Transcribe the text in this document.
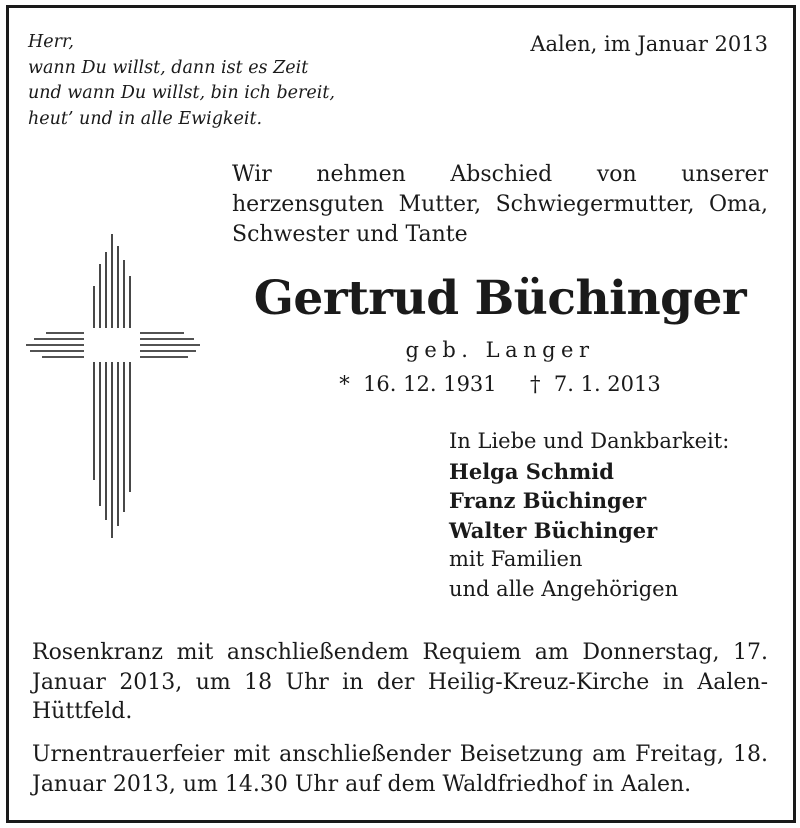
Herr,
wann Du willst, dann ist es Zeit
und wann Du willst, bin ich bereit,
heut’ und in alle Ewigkeit.
Aalen, im Januar 2013
Wir nehmen Abschied von unserer herzensguten Mutter, Schwiegermutter, Oma, Schwester und Tante
Gertrud Büchinger
geb. Langer
*  16. 12. 1931     †  7. 1. 2013
In Liebe und Dankbarkeit:
Helga Schmid
Franz Büchinger
Walter Büchinger
mit Familien
und alle Angehörigen
Rosenkranz mit anschließendem Requiem am Donnerstag, 17. Januar 2013, um 18 Uhr in der Heilig-Kreuz-Kirche in Aalen-Hüttfeld.
Urnentrauerfeier mit anschließender Beisetzung am Freitag, 18. Januar 2013, um 14.30 Uhr auf dem Waldfriedhof in Aalen.
